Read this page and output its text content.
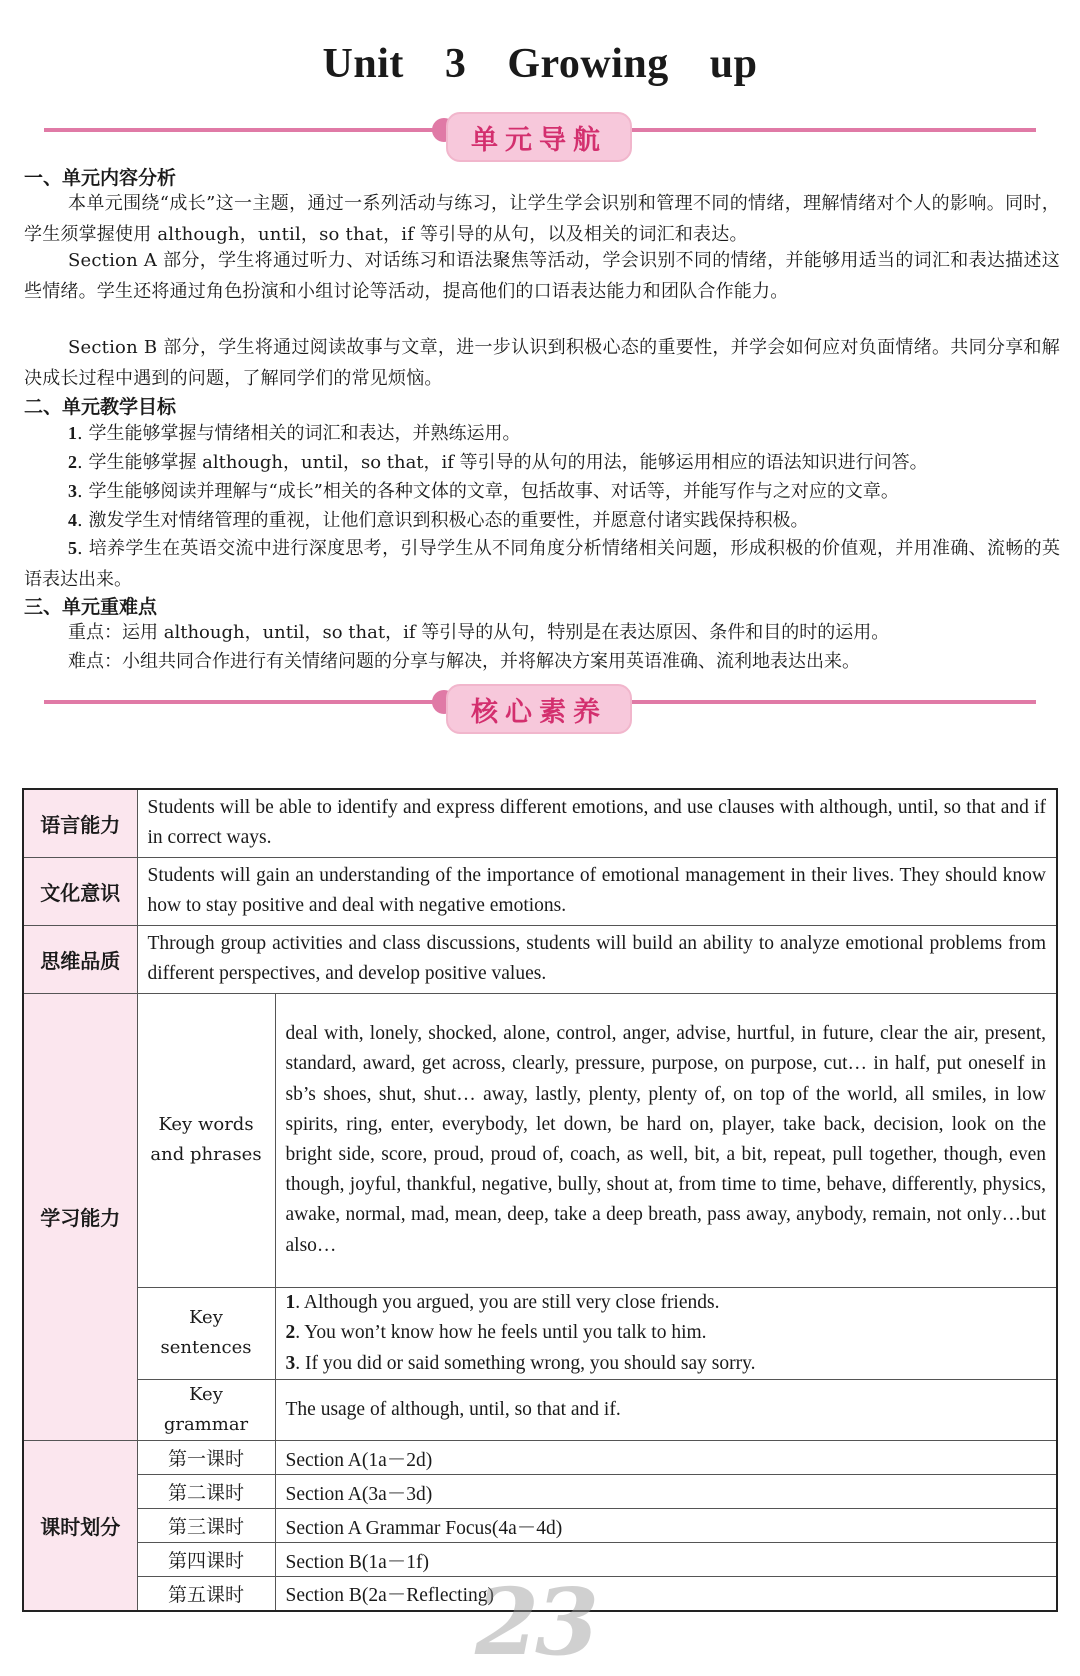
Unit 3 Growing up
单元导航
一、单元内容分析
本单元围绕“成长”这一主题，通过一系列活动与练习，让学生学会识别和管理不同的情绪，理解情绪对个人的影响。同时，学生须掌握使用 although，until，so that，if 等引导的从句，以及相关的词汇和表达。
Section A 部分，学生将通过听力、对话练习和语法聚焦等活动，学会识别不同的情绪，并能够用适当的词汇和表达描述这些情绪。学生还将通过角色扮演和小组讨论等活动，提高他们的口语表达能力和团队合作能力。
Section B 部分，学生将通过阅读故事与文章，进一步认识到积极心态的重要性，并学会如何应对负面情绪。共同分享和解决成长过程中遇到的问题，了解同学们的常见烦恼。
二、单元教学目标
1. 学生能够掌握与情绪相关的词汇和表达，并熟练运用。
2. 学生能够掌握 although，until，so that，if 等引导的从句的用法，能够运用相应的语法知识进行问答。
3. 学生能够阅读并理解与“成长”相关的各种文体的文章，包括故事、对话等，并能写作与之对应的文章。
4. 激发学生对情绪管理的重视，让他们意识到积极心态的重要性，并愿意付诸实践保持积极。
5. 培养学生在英语交流中进行深度思考，引导学生从不同角度分析情绪相关问题，形成积极的价值观，并用准确、流畅的英语表达出来。
三、单元重难点
重点：运用 although，until，so that，if 等引导的从句，特别是在表达原因、条件和目的时的运用。
难点：小组共同合作进行有关情绪问题的分享与解决，并将解决方案用英语准确、流利地表达出来。
核心素养
语言能力	Students will be able to identify and express different emotions, and use clauses with although, until, so that and if in correct ways.	
文化意识	Students will gain an understanding of the importance of emotional management in their lives. They should know how to stay positive and deal with negative emotions.	
思维品质	Through group activities and class discussions, students will build an ability to analyze emotional problems from different perspectives, and develop positive values.	
学习能力	Key words and phrases	deal with, lonely, shocked, alone, control, anger, advise, hurtful, in future, clear the air, present, standard, award, get across, clearly, pressure, purpose, on purpose, cut… in half, put oneself in sb’s shoes, shut, shut… away, lastly, plenty, plenty of, on top of the world, all smiles, in low spirits, ring, enter, everybody, let down, be hard on, player, take back, decision, look on the bright side, score, proud, proud of, coach, as well, bit, a bit, repeat, pull together, though, even though, joyful, thankful, negative, bully, shout at, from time to time, behave, differently, physics, awake, normal, mad, mean, deep, take a deep breath, pass away, anybody, remain, not only…but also…
	Key sentences	1. Although you argued, you are still very close friends.
2. You won’t know how he feels until you talk to him.
3. If you did or said something wrong, you should say sorry.

	Key grammar	The usage of although, until, so that and if.
课时划分	第一课时	Section A(1a－2d)
	第二课时	Section A(3a－3d)
	第三课时	Section A Grammar Focus(4a－4d)
	第四课时	Section B(1a－1f)
	第五课时	Section B(2a－Reflecting)
23
